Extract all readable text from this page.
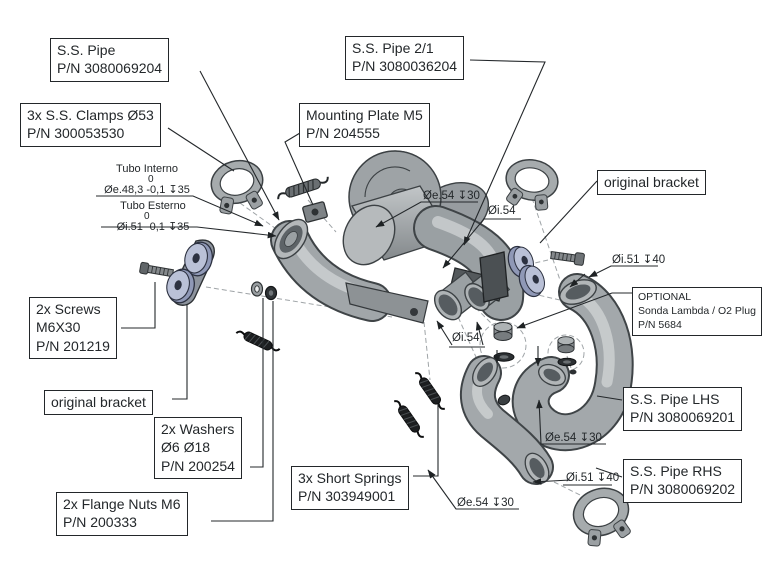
S.S. Pipe
P/N 3080069204
3x S.S. Clamps Ø53
P/N 300053530
S.S. Pipe 2/1
P/N 3080036204
Mounting Plate M5
P/N 204555
original bracket
OPTIONAL
Sonda Lambda / O2 Plug
P/N 5684
2x Screws
M6X30
P/N 201219
original bracket
2x Washers
Ø6 Ø18
P/N 200254
3x Short Springs
P/N 303949001
2x Flange Nuts M6
P/N 200333
S.S. Pipe LHS
P/N 3080069201
S.S. Pipe RHS
P/N 3080069202
Tubo Interno
0
Øe.48,3 -0,1 ↧35
Tubo Esterno
0
Øi.51 -0,1 ↧35
Øe.54 ↧30
Øi.54
Øi.51 ↧40
Øi.54
Øe.54 ↧30
Øi.51 ↧40
Øe.54 ↧30
